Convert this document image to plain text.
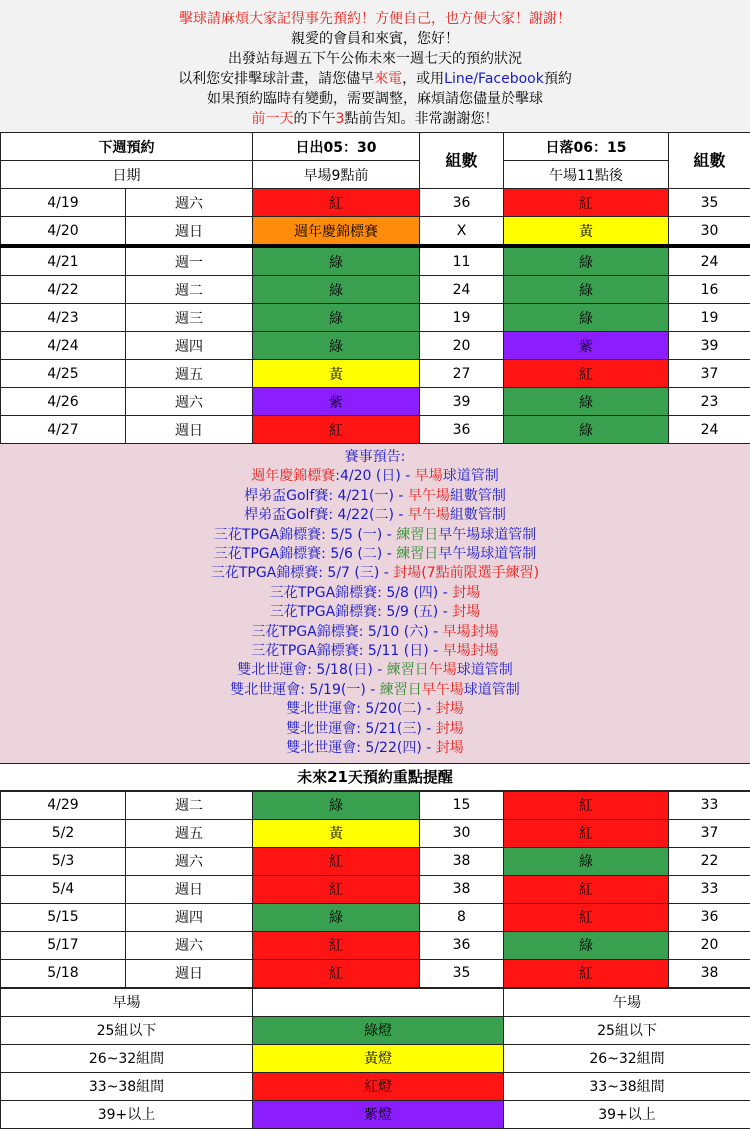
擊球請麻煩大家記得事先預約！方便自己，也方便大家！謝謝！
親愛的會員和來賓，您好！
出發站每週五下午公佈未來一週七天的預約狀況
以利您安排擊球計畫，請您儘早來電，或用Line/Facebook預約
如果預約臨時有變動，需要調整，麻煩請您儘量於擊球
前一天的下午3點前告知。非常謝謝您！
下週預約		日出05：30	組數	日落06：15	組數
日期		早場9點前		午場11點後	
4/19	週六	紅	36	紅	35
4/20	週日	週年慶錦標賽	X	黃	30
4/21	週一	綠	11	綠	24
4/22	週二	綠	24	綠	16
4/23	週三	綠	19	綠	19
4/24	週四	綠	20	紫	39
4/25	週五	黃	27	紅	37
4/26	週六	紫	39	綠	23
4/27	週日	紅	36	綠	24
賽事預告:
週年慶錦標賽:4/20 (日) - 早場球道管制
桿弟盃Golf賽: 4/21(一) - 早午場組數管制
桿弟盃Golf賽: 4/22(二) - 早午場組數管制
三花TPGA錦標賽: 5/5 (一) - 練習日早午場球道管制
三花TPGA錦標賽: 5/6 (二) - 練習日早午場球道管制
三花TPGA錦標賽: 5/7 (三) - 封場(7點前限選手練習)
三花TPGA錦標賽: 5/8 (四) - 封場
三花TPGA錦標賽: 5/9 (五) - 封場
三花TPGA錦標賽: 5/10 (六) - 早場封場
三花TPGA錦標賽: 5/11 (日) - 早場封場
雙北世運會: 5/18(日) - 練習日午場球道管制
雙北世運會: 5/19(一) - 練習日早午場球道管制
雙北世運會: 5/20(二) - 封場
雙北世運會: 5/21(三) - 封場
雙北世運會: 5/22(四) - 封場
未來21天預約重點提醒
4/29	週二	綠	15	紅	33
5/2	週五	黃	30	紅	37
5/3	週六	紅	38	綠	22
5/4	週日	紅	38	紅	33
5/15	週四	綠	8	紅	36
5/17	週六	紅	36	綠	20
5/18	週日	紅	35	紅	38
早場		午場
25組以下	綠燈	25組以下
26~32組間	黃燈	26~32組間
33~38組間	紅燈	33~38組間
39+以上	紫燈	39+以上
